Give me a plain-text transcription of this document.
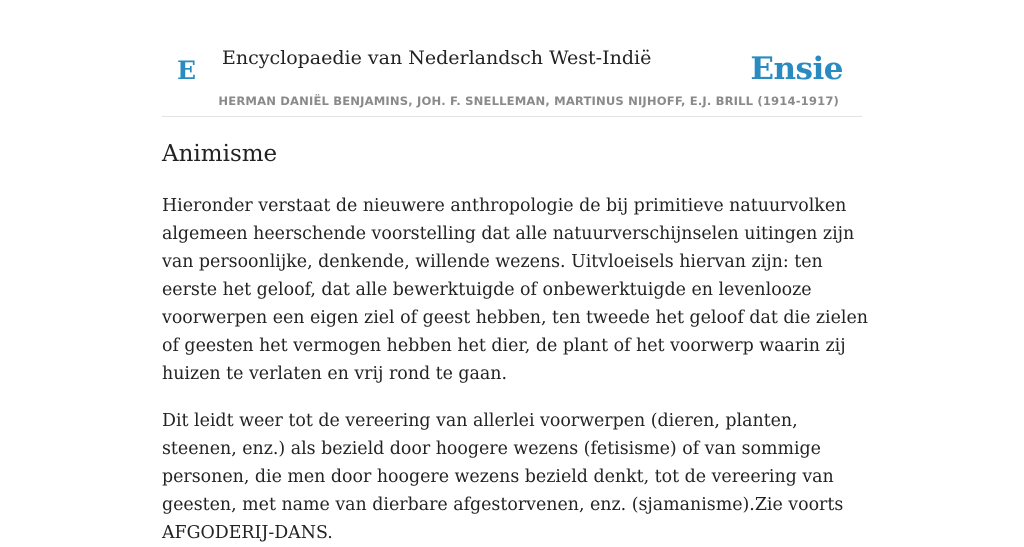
E Encyclopaedie van Nederlandsch West-Indië	Ensie
HERMAN DANIËL BENJAMINS, JOH. F. SNELLEMAN, MARTINUS NIJHOFF, E.J. BRILL (1914-1917)
Animisme

Hieronder verstaat de nieuwere anthropologie de bij primitieve natuurvolken algemeen heerschende voorstelling dat alle natuurverschijnselen uitingen zijn van persoonlijke, denkende, willende wezens. Uitvloeisels hiervan zijn: ten eerste het geloof, dat alle bewerktuigde of onbewerktuigde en levenlooze voorwerpen een eigen ziel of geest hebben, ten tweede het geloof dat die zielen of geesten het vermogen hebben het dier, de plant of het voorwerp waarin zij huizen te verlaten en vrij rond te gaan.

Dit leidt weer tot de vereering van allerlei voorwerpen (dieren, planten, steenen, enz.) als bezield door hoogere wezens (fetisisme) of van sommige personen, die men door hoogere wezens bezield denkt, tot de vereering van geesten, met name van dierbare afgestorvenen, enz. (sjamanisme).Zie voorts AFGODERIJ-DANS.
